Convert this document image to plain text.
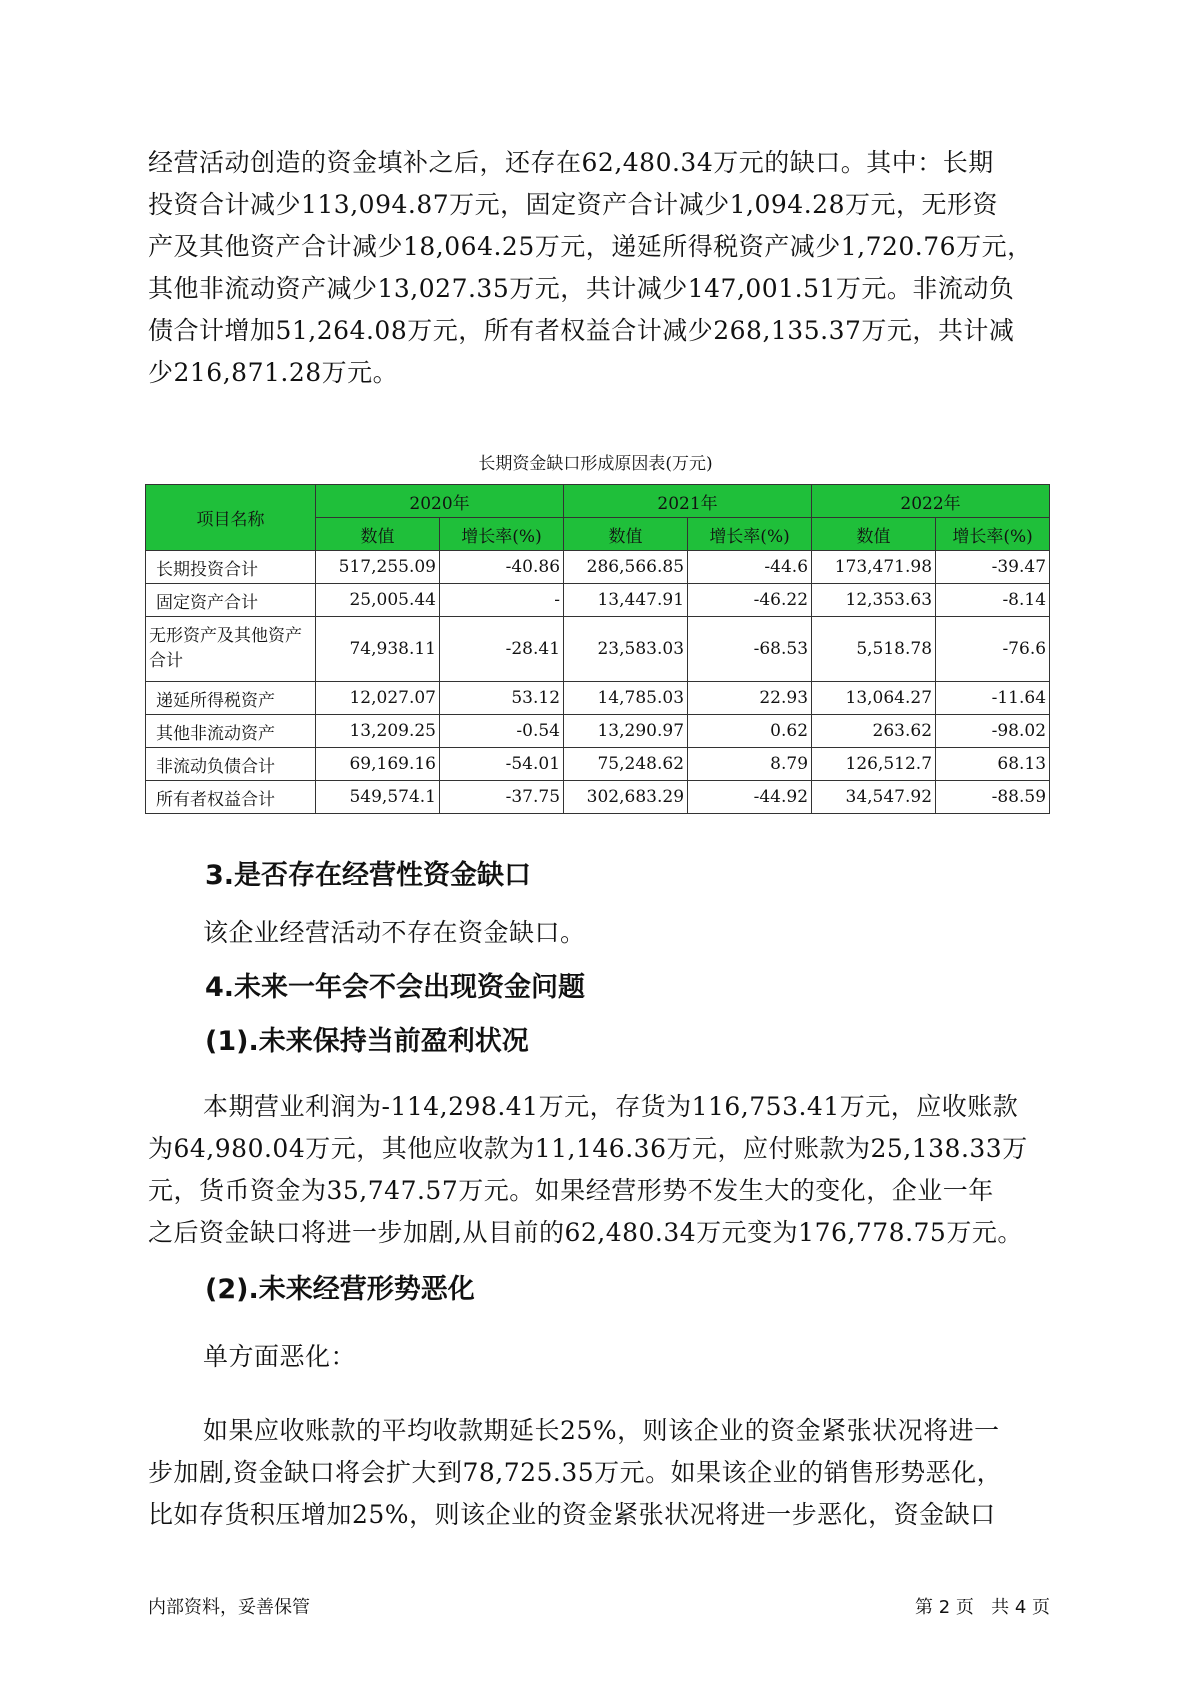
经营活动创造的资金填补之后，还存在62,480.34万元的缺口。其中：长期
投资合计减少113,094.87万元，固定资产合计减少1,094.28万元，无形资
产及其他资产合计减少18,064.25万元，递延所得税资产减少1,720.76万元，
其他非流动资产减少13,027.35万元，共计减少147,001.51万元。非流动负
债合计增加51,264.08万元，所有者权益合计减少268,135.37万元，共计减
少216,871.28万元。
长期资金缺口形成原因表(万元)
项目名称	2020年		2021年		2022年	
	数值	增长率(%)	数值	增长率(%)	数值	增长率(%)
长期投资合计	517,255.09	-40.86	286,566.85	-44.6	173,471.98	-39.47
固定资产合计	25,005.44	-	13,447.91	-46.22	12,353.63	-8.14
无形资产及其他资产合计	74,938.11	-28.41	23,583.03	-68.53	5,518.78	-76.6
递延所得税资产	12,027.07	53.12	14,785.03	22.93	13,064.27	-11.64
其他非流动资产	13,209.25	-0.54	13,290.97	0.62	263.62	-98.02
非流动负债合计	69,169.16	-54.01	75,248.62	8.79	126,512.7	68.13
所有者权益合计	549,574.1	-37.75	302,683.29	-44.92	34,547.92	-88.59
3.是否存在经营性资金缺口
该企业经营活动不存在资金缺口。
4.未来一年会不会出现资金问题
(1).未来保持当前盈利状况
本期营业利润为-114,298.41万元，存货为116,753.41万元，应收账款
为64,980.04万元，其他应收款为11,146.36万元，应付账款为25,138.33万
元，货币资金为35,747.57万元。如果经营形势不发生大的变化，企业一年
之后资金缺口将进一步加剧,从目前的62,480.34万元变为176,778.75万元。
(2).未来经营形势恶化
单方面恶化：
如果应收账款的平均收款期延长25%，则该企业的资金紧张状况将进一
步加剧,资金缺口将会扩大到78,725.35万元。如果该企业的销售形势恶化，
比如存货积压增加25%，则该企业的资金紧张状况将进一步恶化，资金缺口
内部资料，妥善保管	第 2 页   共 4 页
